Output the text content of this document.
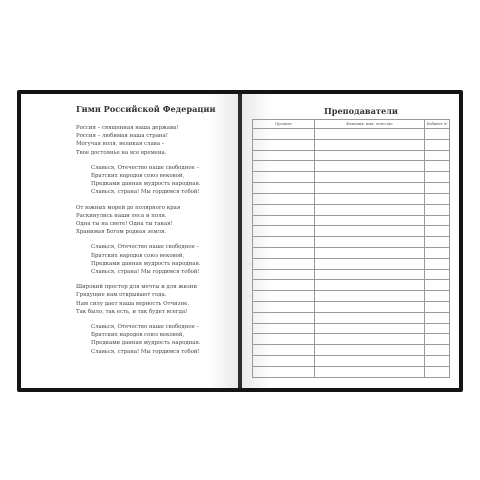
Гимн Российской Федерации
Россия – священная наша держава!
Россия – любимая наша страна!
Могучая воля, великая слава –
Твое достоянье на все времена.
Славься, Отечество наше свободное –
Братских народов союз вековой,
Предками данная мудрость народная.
Славься, страна! Мы гордимся тобой!
От южных морей до полярного края
Раскинулись наши леса и поля.
Одна ты на свете! Одна ты такая!
Хранимая Богом родная земля.
Славься, Отечество наше свободное –
Братских народов союз вековой,
Предками данная мудрость народная.
Славься, страна! Мы гордимся тобой!
Широкий простор для мечты и для жизни
Грядущие нам открывают года.
Нам силу дает наша верность Отчизне.
Так было, так есть, и так будет всегда!
Славься, Отечество наше свободное –
Братских народов союз вековой,
Предками данная мудрость народная.
Славься, страна! Мы гордимся тобой!
Преподаватели
Предмет	Фамилия, имя, отчество	Кабинет №
